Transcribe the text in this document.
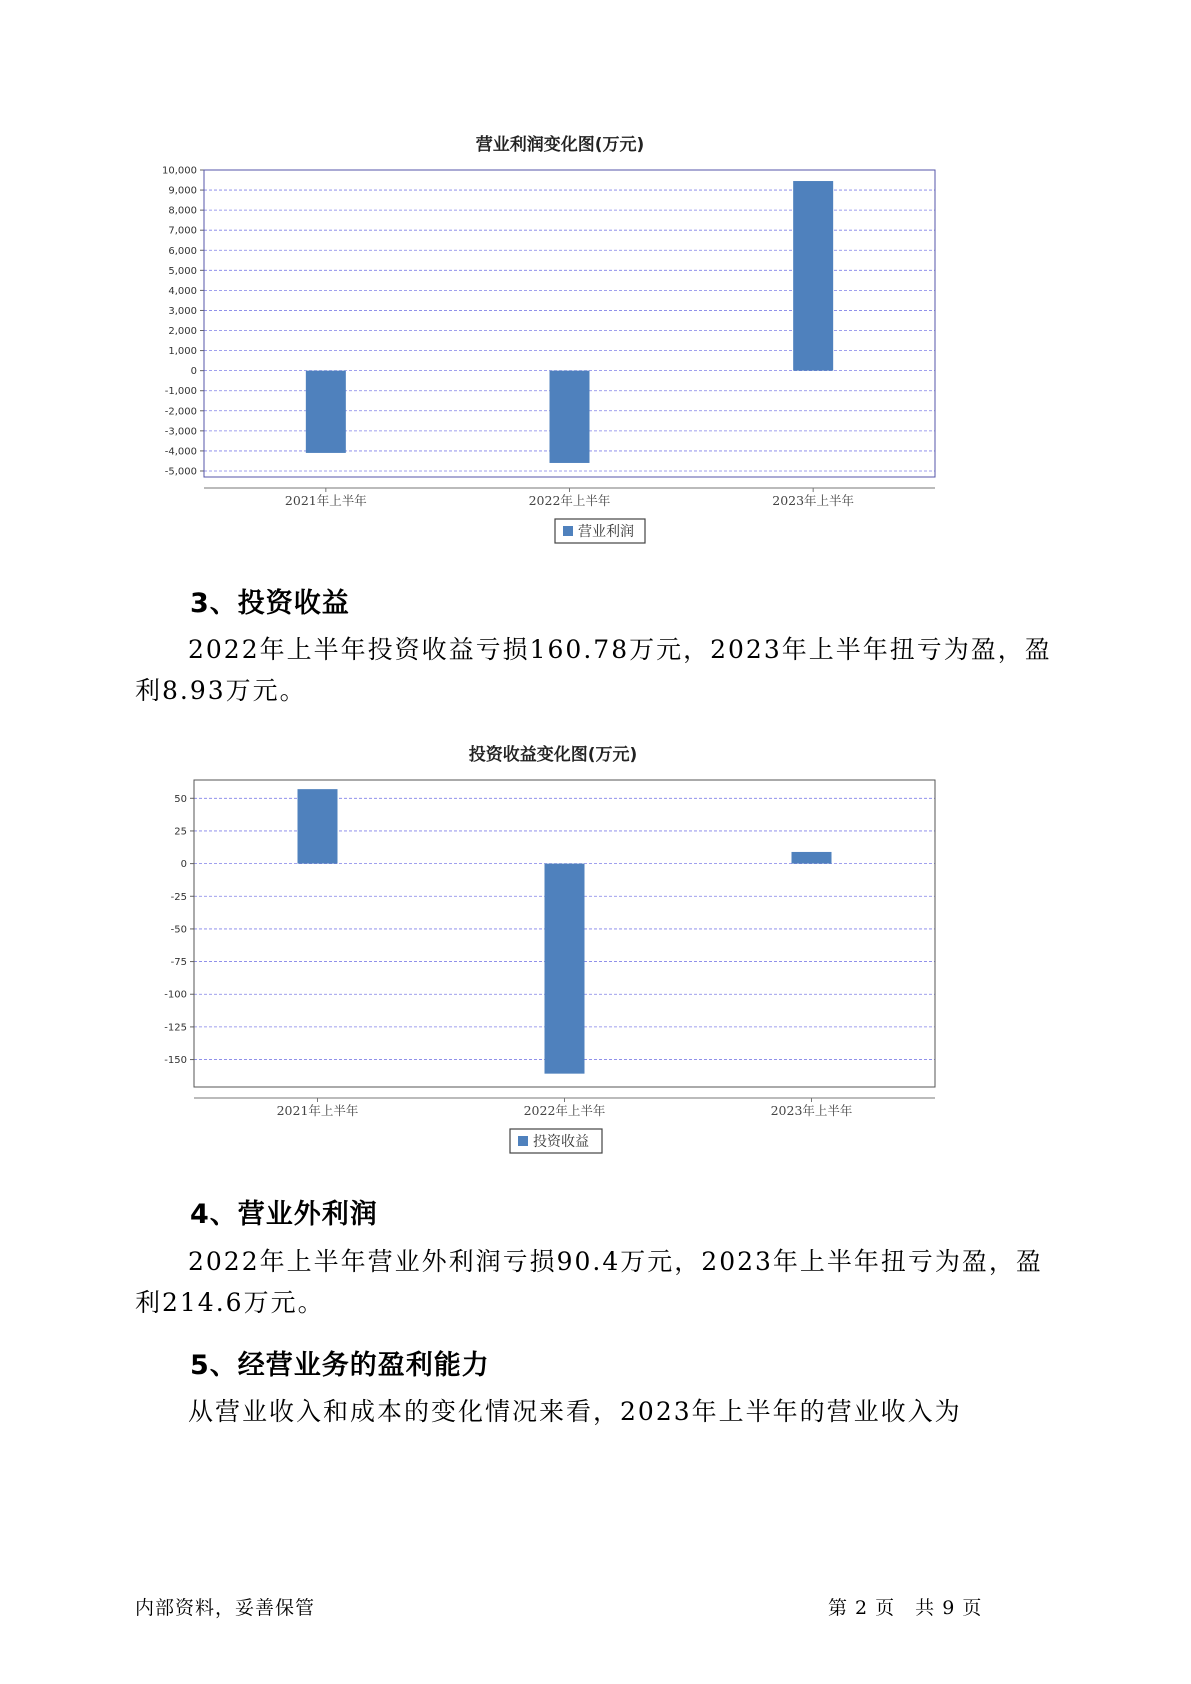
营业利润变化图(万元)
10,000
9,000
8,000
7,000
6,000
5,000
4,000
3,000
2,000
1,000
0
-1,000
-2,000
-3,000
-4,000
-5,000
2021年上半年	2022年上半年	2023年上半年
营业利润
3、投资收益

2022年上半年投资收益亏损160.78万元，2023年上半年扭亏为盈，盈

利8.93万元。

投资收益变化图(万元)
50
25
0
-25
-50
-75
-100
-125
-150
2021年上半年	2022年上半年	2023年上半年
投资收益
4、营业外利润

2022年上半年营业外利润亏损90.4万元，2023年上半年扭亏为盈，盈

利214.6万元。

5、经营业务的盈利能力

从营业收入和成本的变化情况来看，2023年上半年的营业收入为

内部资料，妥善保管	第 2 页　共 9 页
